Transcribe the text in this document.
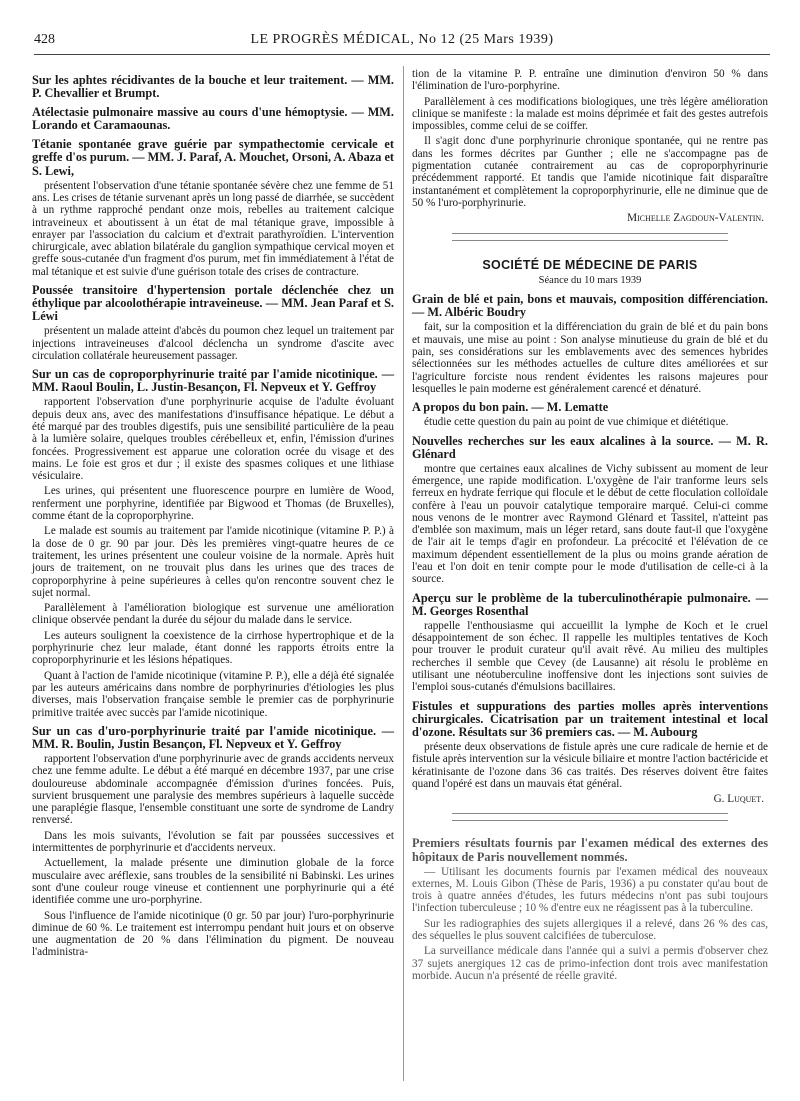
428	LE PROGRÈS MÉDICAL, No 12 (25 Mars 1939)
Sur les aphtes récidivantes de la bouche et leur traitement. — MM. P. Chevallier et Brumpt.
Atélectasie pulmonaire massive au cours d'une hémoptysie. — MM. Lorando et Caramaounas.
Tétanie spontanée grave guérie par sympathectomie cervicale et greffe d'os purum. — MM. J. Paraf, A. Mouchet, Orsoni, A. Abaza et S. Lewi,

présentent l'observation d'une tétanie spontanée sévère chez une femme de 51 ans. Les crises de tétanie survenant après un long passé de diarrhée, se succèdent à un rythme rapproché pendant onze mois, rebelles au traitement calcique intraveineux et aboutissent à un état de mal tétanique grave, impossible à enrayer par l'association du calcium et d'extrait parathyroïdien. L'intervention chirurgicale, avec ablation bilatérale du ganglion sympathique cervical moyen et greffe sous-cutanée d'un fragment d'os purum, met fin immédiatement à l'état de mal tétanique et est suivie d'une guérison totale des crises de contracture.

Poussée transitoire d'hypertension portale déclenchée chez un éthylique par alcoolothérapie intraveineuse. — MM. Jean Paraf et S. Léwi

présentent un malade atteint d'abcès du poumon chez lequel un traitement par injections intraveineuses d'alcool déclencha un syndrome d'ascite avec circulation collatérale heureusement passager.

Sur un cas de coproporphyrinurie traité par l'amide nicotinique. — MM. Raoul Boulin, L. Justin-Besançon, Fl. Nepveux et Y. Geffroy

rapportent l'observation d'une porphyrinurie acquise de l'adulte évoluant depuis deux ans, avec des manifestations d'insuffisance hépatique. Le début a été marqué par des troubles digestifs, puis une sensibilité particulière de la peau à la lumière solaire, quelques troubles cérébelleux et, enfin, l'émission d'urines foncées. Progressivement est apparue une coloration ocrée du visage et des mains. Le foie est gros et dur ; il existe des spasmes coliques et une lithiase vésiculaire.

Les urines, qui présentent une fluorescence pourpre en lumière de Wood, renferment une porphyrine, identifiée par Bigwood et Thomas (de Bruxelles), comme étant de la coproporphyrine.

Le malade est soumis au traitement par l'amide nicotinique (vitamine P. P.) à la dose de 0 gr. 90 par jour. Dès les premières vingt-quatre heures de ce traitement, les urines présentent une couleur voisine de la normale. Après huit jours de traitement, on ne trouvait plus dans les urines que des traces de coproporphyrine à peine supérieures à celles qu'on rencontre souvent chez le sujet normal.

Parallèlement à l'amélioration biologique est survenue une amélioration clinique observée pendant la durée du séjour du malade dans le service.

Les auteurs soulignent la coexistence de la cirrhose hypertrophique et de la porphyrinurie chez leur malade, étant donné les rapports étroits entre la coproporphyrinurie et les lésions hépatiques.

Quant à l'action de l'amide nicotinique (vitamine P. P.), elle a déjà été signalée par les auteurs américains dans nombre de porphyrinuries d'étiologies les plus diverses, mais l'observation française semble le premier cas de porphyrinurie primitive traitée avec succès par l'amide nicotinique.

Sur un cas d'uro-porphyrinurie traité par l'amide nicotinique. — MM. R. Boulin, Justin Besançon, Fl. Nepveux et Y. Geffroy

rapportent l'observation d'une porphyrinurie avec de grands accidents nerveux chez une femme adulte. Le début a été marqué en décembre 1937, par une crise douloureuse abdominale accompagnée d'émission d'urines foncées. Puis, survient brusquement une paralysie des membres supérieurs à laquelle succède une paraplégie flasque, l'ensemble constituant une sorte de syndrome de Landry renversé.

Dans les mois suivants, l'évolution se fait par poussées successives et intermittentes de porphyrinurie et d'accidents nerveux.

Actuellement, la malade présente une diminution globale de la force musculaire avec aréflexie, sans troubles de la sensibilité ni Babinski. Les urines sont d'une couleur rouge vineuse et contiennent une porphyrinurie qui a été identifiée comme une uro-porphyrine.

Sous l'influence de l'amide nicotinique (0 gr. 50 par jour) l'uro-porphyrinurie diminue de 60 %. Le traitement est interrompu pendant huit jours et on observe une augmentation de 20 % dans l'élimination du pigment. De nouveau l'administra-

tion de la vitamine P. P. entraîne une diminution d'environ 50 % dans l'élimination de l'uro-porphyrine.

Parallèlement à ces modifications biologiques, une très légère amélioration clinique se manifeste : la malade est moins déprimée et fait des gestes autrefois impossibles, comme celui de se coiffer.

Il s'agit donc d'une porphyrinurie chronique spontanée, qui ne rentre pas dans les formes décrites par Gunther ; elle ne s'accompagne pas de pigmentation cutanée contrairement au cas de coproporphyrinurie précédemment rapporté. Et tandis que l'amide nicotinique fait disparaître instantanément et complètement la coproporphyrinurie, elle ne diminue que de 50 % l'uro-porphyrinurie.

Michelle Zagdoun-Valentin.
SOCIÉTÉ DE MÉDECINE DE PARIS
Séance du 10 mars 1939
Grain de blé et pain, bons et mauvais, composition différenciation. — M. Albéric Boudry

fait, sur la composition et la différenciation du grain de blé et du pain bons et mauvais, une mise au point : Son analyse minutieuse du grain de blé et du pain, ses considérations sur les emblavements avec des semences hybrides sélectionnées sur les méthodes actuelles de culture dites améliorées et sur l'agriculture forciste nous rendent évidentes les raisons majeures pour lesquelles le pain moderne est généralement carencé et dénaturé.

A propos du bon pain. — M. Lematte

étudie cette question du pain au point de vue chimique et diététique.

Nouvelles recherches sur les eaux alcalines à la source. — M. R. Glénard

montre que certaines eaux alcalines de Vichy subissent au moment de leur émergence, une rapide modification. L'oxygène de l'air tranforme leurs sels ferreux en hydrate ferrique qui flocule et le début de cette floculation colloïdale confère à l'eau un pouvoir catalytique temporaire marqué. Celui-ci comme nous venons de le montrer avec Raymond Glénard et Tassitel, n'atteint pas d'emblée son maximum, mais un léger retard, sans doute faut-il que l'oxygène de l'air ait le temps d'agir en profondeur. La précocité et l'élévation de ce maximum dépendent essentiellement de la plus ou moins grande aération de l'eau et l'on doit en tenir compte pour le mode d'utilisation de celle-ci à la source.

Aperçu sur le problème de la tuberculinothérapie pulmonaire. — M. Georges Rosenthal

rappelle l'enthousiasme qui accueillit la lymphe de Koch et le cruel désappointement de son échec. Il rappelle les multiples tentatives de Koch pour trouver le produit curateur qu'il avait rêvé. Au milieu des multiples recherches il semble que Cevey (de Lausanne) ait résolu le problème en utilisant une néotuberculine inoffensive dont les injections sont suivies de l'emploi sous-cutanés d'émulsions bacillaires.

Fistules et suppurations des parties molles après interventions chirurgicales. Cicatrisation par un traitement intestinal et local d'ozone. Résultats sur 36 premiers cas. — M. Aubourg

présente deux observations de fistule après une cure radicale de hernie et de fistule après intervention sur la vésicule biliaire et montre l'action bactéricide et kératinisante de l'ozone dans 36 cas traités. Des réserves doivent être faites quand l'opéré est dans un mauvais état général.

G. Luquet.
Premiers résultats fournis par l'examen médical des externes des hôpitaux de Paris nouvellement nommés.

— Utilisant les documents fournis par l'examen médical des nouveaux externes, M. Louis Gibon (Thèse de Paris, 1936) a pu constater qu'au bout de trois à quatre années d'études, les futurs médecins n'ont pas subi toujours l'infection tuberculeuse ; 10 % d'entre eux ne réagissent pas à la tuberculine.

Sur les radiographies des sujets allergiques il a relevé, dans 26 % des cas, des séquelles le plus souvent calcifiées de tuberculose.

La surveillance médicale dans l'année qui a suivi a permis d'observer chez 37 sujets anergiques 12 cas de primo-infection dont trois avec manifestation morbide. Aucun n'a présenté de réelle gravité.
